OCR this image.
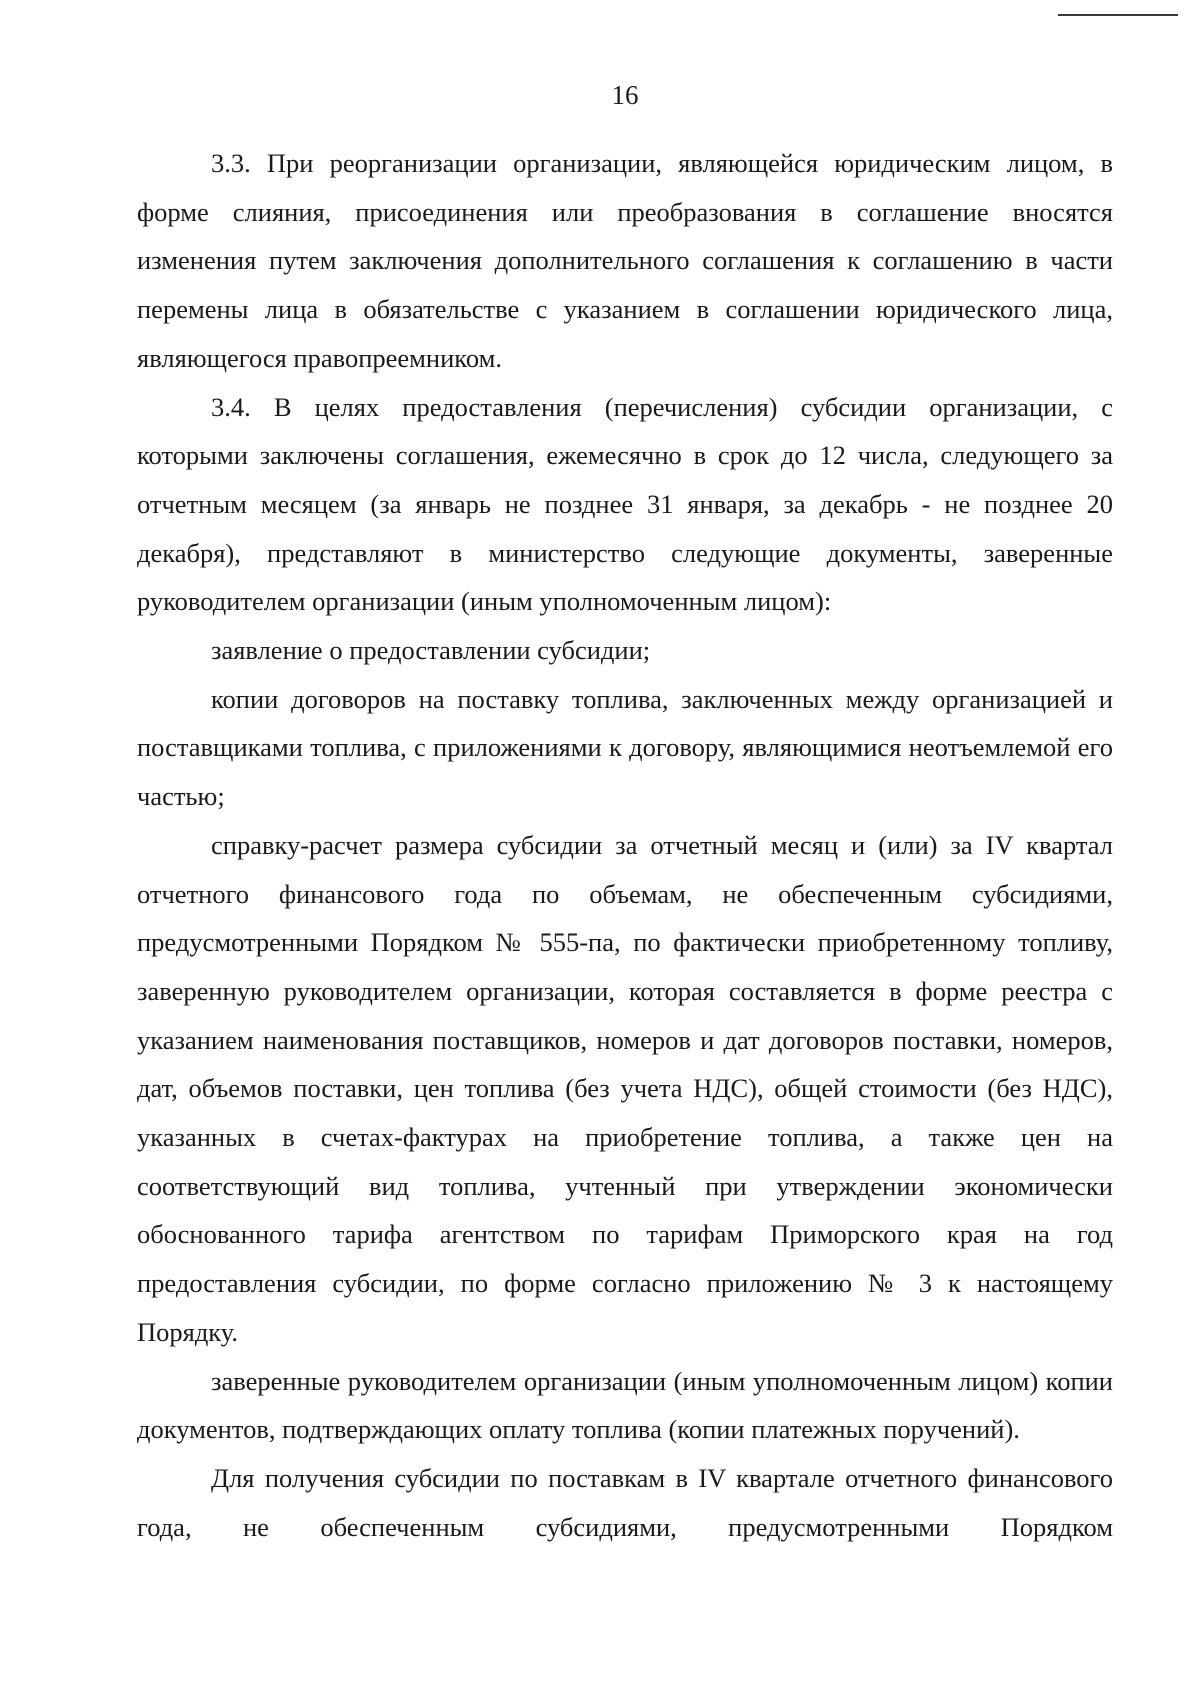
16

3.3. При реорганизации организации, являющейся юридическим лицом, в форме слияния, присоединения или преобразования в соглашение вносятся изменения путем заключения дополнительного соглашения к соглашению в части перемены лица в обязательстве с указанием в соглашении юридического лица, являющегося правопреемником.

3.4. В целях предоставления (перечисления) субсидии организации, с которыми заключены соглашения, ежемесячно в срок до 12 числа, следующего за отчетным месяцем (за январь не позднее 31 января, за декабрь - не позднее 20 декабря), представляют в министерство следующие документы, заверенные руководителем организации (иным уполномоченным лицом):

заявление о предоставлении субсидии;

копии договоров на поставку топлива, заключенных между организацией и поставщиками топлива, с приложениями к договору, являющимися неотъемлемой его частью;

справку-расчет размера субсидии за отчетный месяц и (или) за IV квартал отчетного финансового года по объемам, не обеспеченным субсидиями, предусмотренными Порядком № 555-па, по фактически приобретенному топливу, заверенную руководителем организации, которая составляется в форме реестра с указанием наименования поставщиков, номеров и дат договоров поставки, номеров, дат, объемов поставки, цен топлива (без учета НДС), общей стоимости (без НДС), указанных в счетах-фактурах на приобретение топлива, а также цен на соответствующий вид топлива, учтенный при утверждении экономически обоснованного тарифа агентством по тарифам Приморского края на год предоставления субсидии, по форме согласно приложению № 3 к настоящему Порядку.

заверенные руководителем организации (иным уполномоченным лицом) копии документов, подтверждающих оплату топлива (копии платежных поручений).

Для получения субсидии по поставкам в IV квартале отчетного финансового года, не обеспеченным субсидиями, предусмотренными Порядком
